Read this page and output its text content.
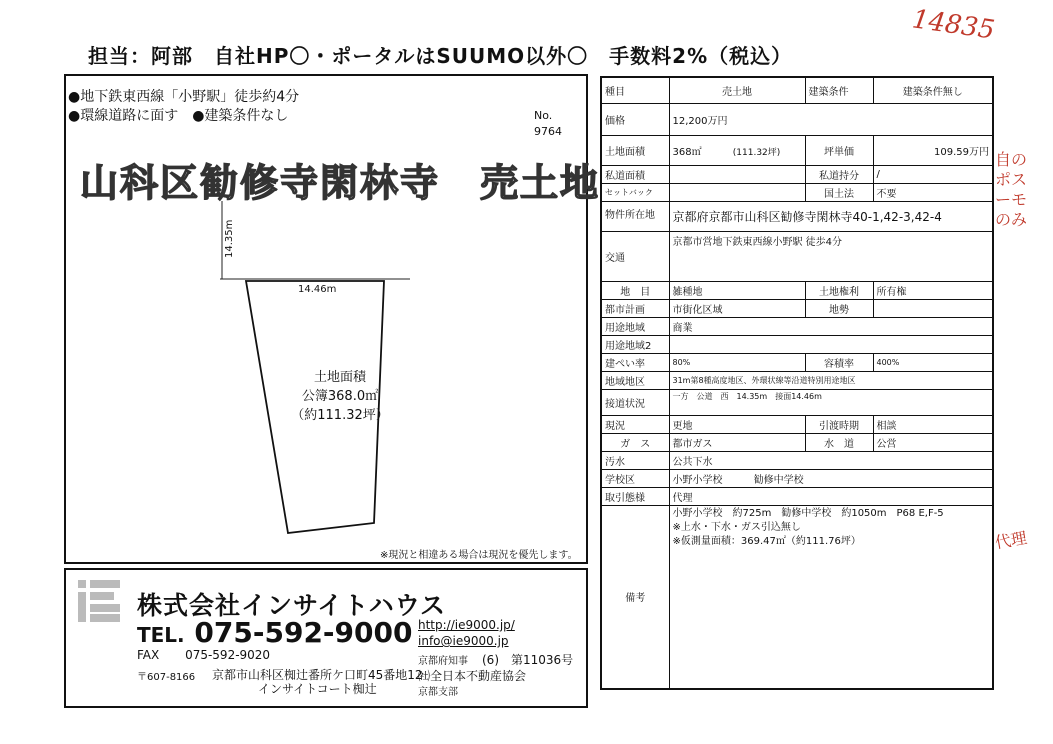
担当：阿部　自社HP〇・ポータルはSUUMO以外〇　手数料2%（税込）
14835
自のポスーモのみ
代理
●地下鉄東西線「小野駅」徒歩約4分
●環線道路に面す　●建築条件なし	No.
9764
山科区勧修寺閑林寺　売土地
14.35m
14.46m
土地面積
公簿368.0㎡
（約111.32坪）
※現況と相違ある場合は現況を優先します。
株式会社インサイトハウス
TEL. 075-592-9000
FAX 075-592-9020
〒607-8166 京都市山科区椥辻番所ケ口町45番地12
インサイトコート椥辻
http://ie9000.jp/
info@ie9000.jp
京都府知事 (6)　第11036号
㈳全日本不動産協会
京都支部
種目	売土地	建築条件	建築条件無し
価格	12,200万円		
土地面積	368㎡ (111.32坪)	坪単価	109.59万円
私道面積		私道持分	/
セットバック		国土法	不要
物件所在地	京都府京都市山科区勧修寺閑林寺40-1,42-3,42-4		
交通	京都市営地下鉄東西線小野駅 徒歩4分		
地　目	雑種地	土地権利	所有権
都市計画	市街化区域	地勢	
用途地域	商業		
用途地域2			
建ぺい率	80%	容積率	400%
地域地区	31m第8種高度地区、外環状線等沿道特別用途地区		
接道状況	一方　公道　西　14.35m　接面14.46m		
現況	更地	引渡時期	相談
ガ　ス	都市ガス	水　道	公営
汚水	公共下水		
学校区	小野小学校 勧修中学校		
取引態様	代理		
備考	小野小学校　約725m　勧修中学校　約1050m　P68 E,F-5
※上水・下水・ガス引込無し
※仮測量面積：369.47㎡（約111.76坪）		
